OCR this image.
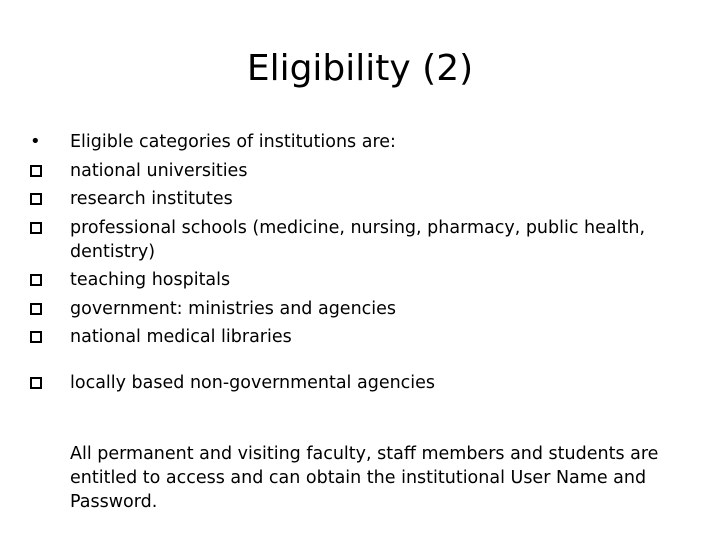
Eligibility (2)
• Eligible categories of institutions are:
national universities
research institutes
professional schools (medicine, nursing, pharmacy, public health, dentistry)
teaching hospitals
government: ministries and agencies
national medical libraries
locally based non-governmental agencies

All permanent and visiting faculty, staff members and students are entitled to access and can obtain the institutional User Name and Password.
